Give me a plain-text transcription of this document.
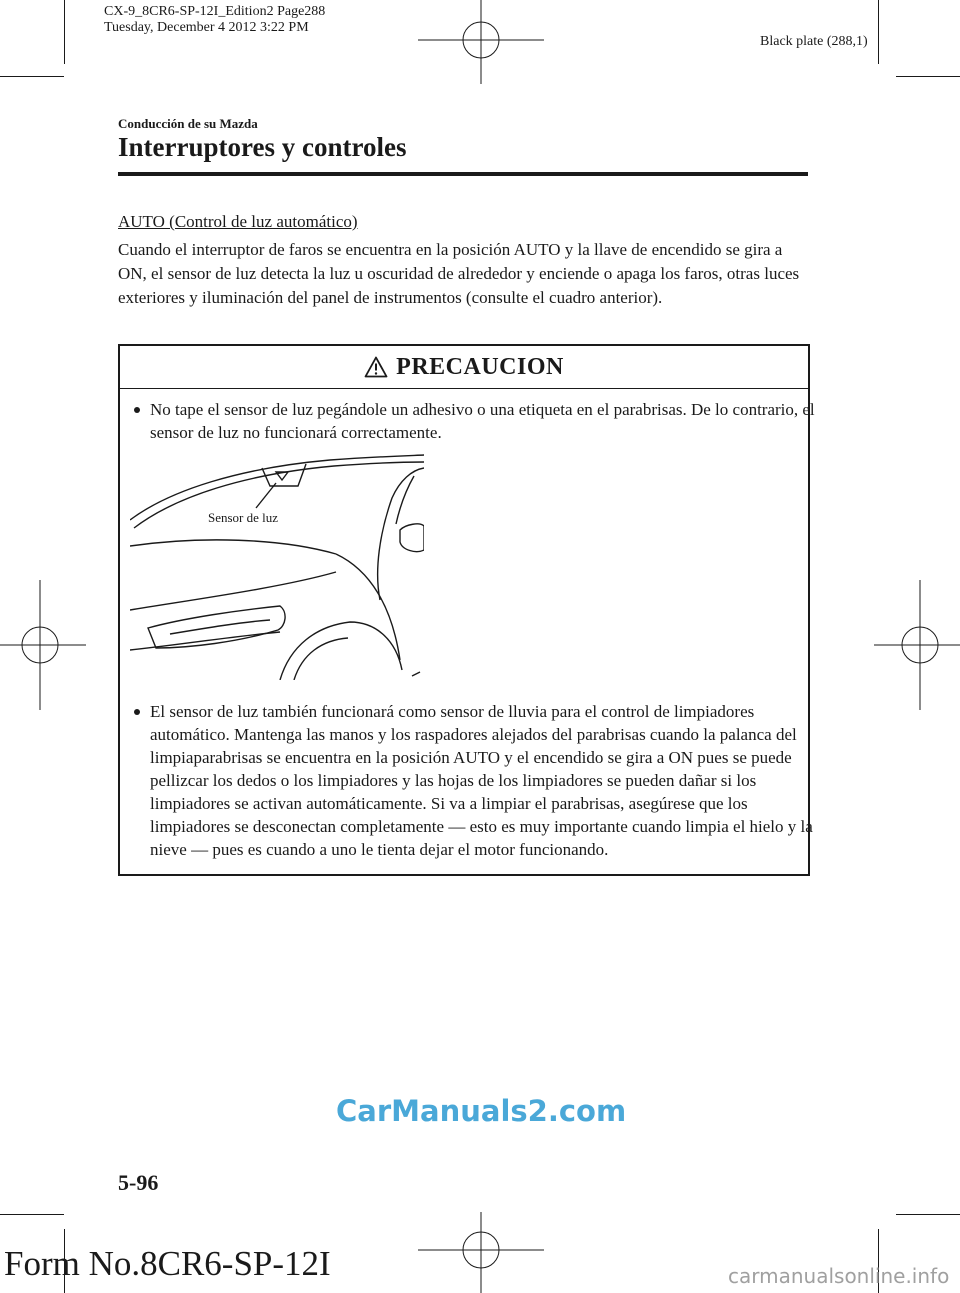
CX-9_8CR6-SP-12I_Edition2 Page288
Tuesday, December 4 2012 3:22 PM
Black plate (288,1)
Conducción de su Mazda
Interruptores y controles
AUTO (Control de luz automático)

Cuando el interruptor de faros se encuentra en la posición AUTO y la llave de encendido se gira a ON, el sensor de luz detecta la luz u oscuridad de alrededor y enciende o apaga los faros, otras luces exteriores y iluminación del panel de instrumentos (consulte el cuadro anterior).

PRECAUCION
No tape el sensor de luz pegándole un adhesivo o una etiqueta en el parabrisas. De lo contrario, el sensor de luz no funcionará correctamente.
Sensor de luz
El sensor de luz también funcionará como sensor de lluvia para el control de limpiadores automático. Mantenga las manos y los raspadores alejados del parabrisas cuando la palanca del limpiaparabrisas se encuentra en la posición AUTO y el encendido se gira a ON pues se puede pellizcar los dedos o los limpiadores y las hojas de los limpiadores se pueden dañar si los limpiadores se activan automáticamente. Si va a limpiar el parabrisas, asegúrese que los limpiadores se desconectan completamente ― esto es muy importante cuando limpia el hielo y la nieve ― pues es cuando a uno le tienta dejar el motor funcionando.
5-96
CarManuals2.com
Form No.8CR6-SP-12I	carmanualsonline.info
